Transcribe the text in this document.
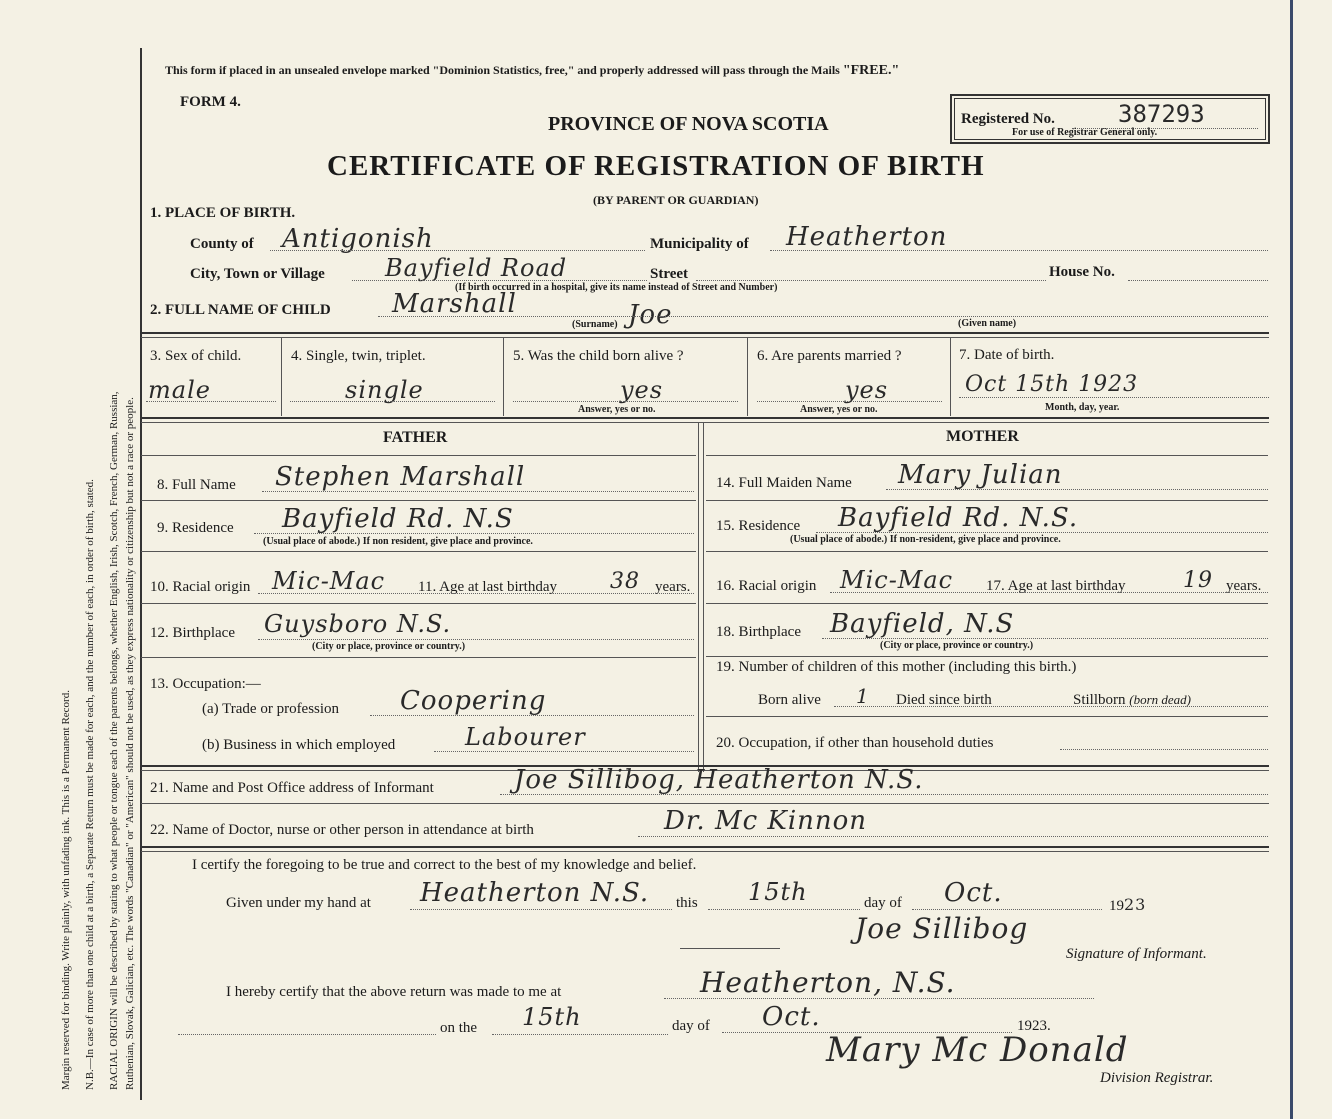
Margin reserved for binding. Write plainly, with unfading ink. This is a Permanent Record. N.B.—In case of more than one child at a birth, a Separate Return must be made for each, and the number of each, in order of birth, stated. RACIAL ORIGIN will be described by stating to what people or tongue each of the parents belongs, whether English, Irish, Scotch, French, German, Russian, Ruthenian, Slovak, Galician, etc. The words "Canadian" or "American" should not be used, as they express nationality or citizenship but not a race or people.
This form if placed in an unsealed envelope marked "Dominion Statistics, free," and properly addressed will pass through the Mails "FREE."
FORM 4.
PROVINCE OF NOVA SCOTIA
CERTIFICATE OF REGISTRATION OF BIRTH
(BY PARENT OR GUARDIAN)
Registered No.	387293
For use of Registrar General only.
1. PLACE OF BIRTH.
County of Antigonish	Municipality of Heatherton
City, Town or Village	Bayfield Road	Street	House No.
(If birth occurred in a hospital, give its name instead of Street and Number)
2. FULL NAME OF CHILD Marshall	Joe
(Surname)	(Given name)
3. Sex of child.
male
4. Single, twin, triplet.
single
5. Was the child born alive ?
yes
Answer, yes or no.
6. Are parents married ?
yes
Answer, yes or no.
7. Date of birth.
Oct 15th 1923
Month, day, year.
FATHER	MOTHER
8. Full Name Stephen Marshall
9. Residence Bayfield Rd. N.S
(Usual place of abode.) If non resident, give place and province.
10. Racial origin Mic-Mac 11. Age at last birthday 38 years.
12. Birthplace Guysboro N.S.
(City or place, province or country.)
13. Occupation:—
(a) Trade or profession Coopering
(b) Business in which employed	Labourer
14. Full Maiden Name Mary Julian
15. Residence Bayfield Rd. N.S.
(Usual place of abode.) If non-resident, give place and province.
16. Racial origin Mic-Mac 17. Age at last birthday	19 years.
18. Birthplace Bayfield, N.S
(City or place, province or country.)
19. Number of children of this mother (including this birth.)
Born alive 1 Died since birth	Stillborn (born dead)
20. Occupation, if other than household duties
21. Name and Post Office address of Informant	Joe Sillibog, Heatherton N.S.
22. Name of Doctor, nurse or other person in attendance at birth	Dr. Mc Kinnon
I certify the foregoing to be true and correct to the best of my knowledge and belief.
Given under my hand at Heatherton N.S. this 15th	day of Oct.	1923
Joe Sillibog
Signature of Informant.
I hereby certify that the above return was made to me at	Heatherton, N.S.
on the 15th	day of Oct.	1923.
Mary Mc Donald
Division Registrar.
